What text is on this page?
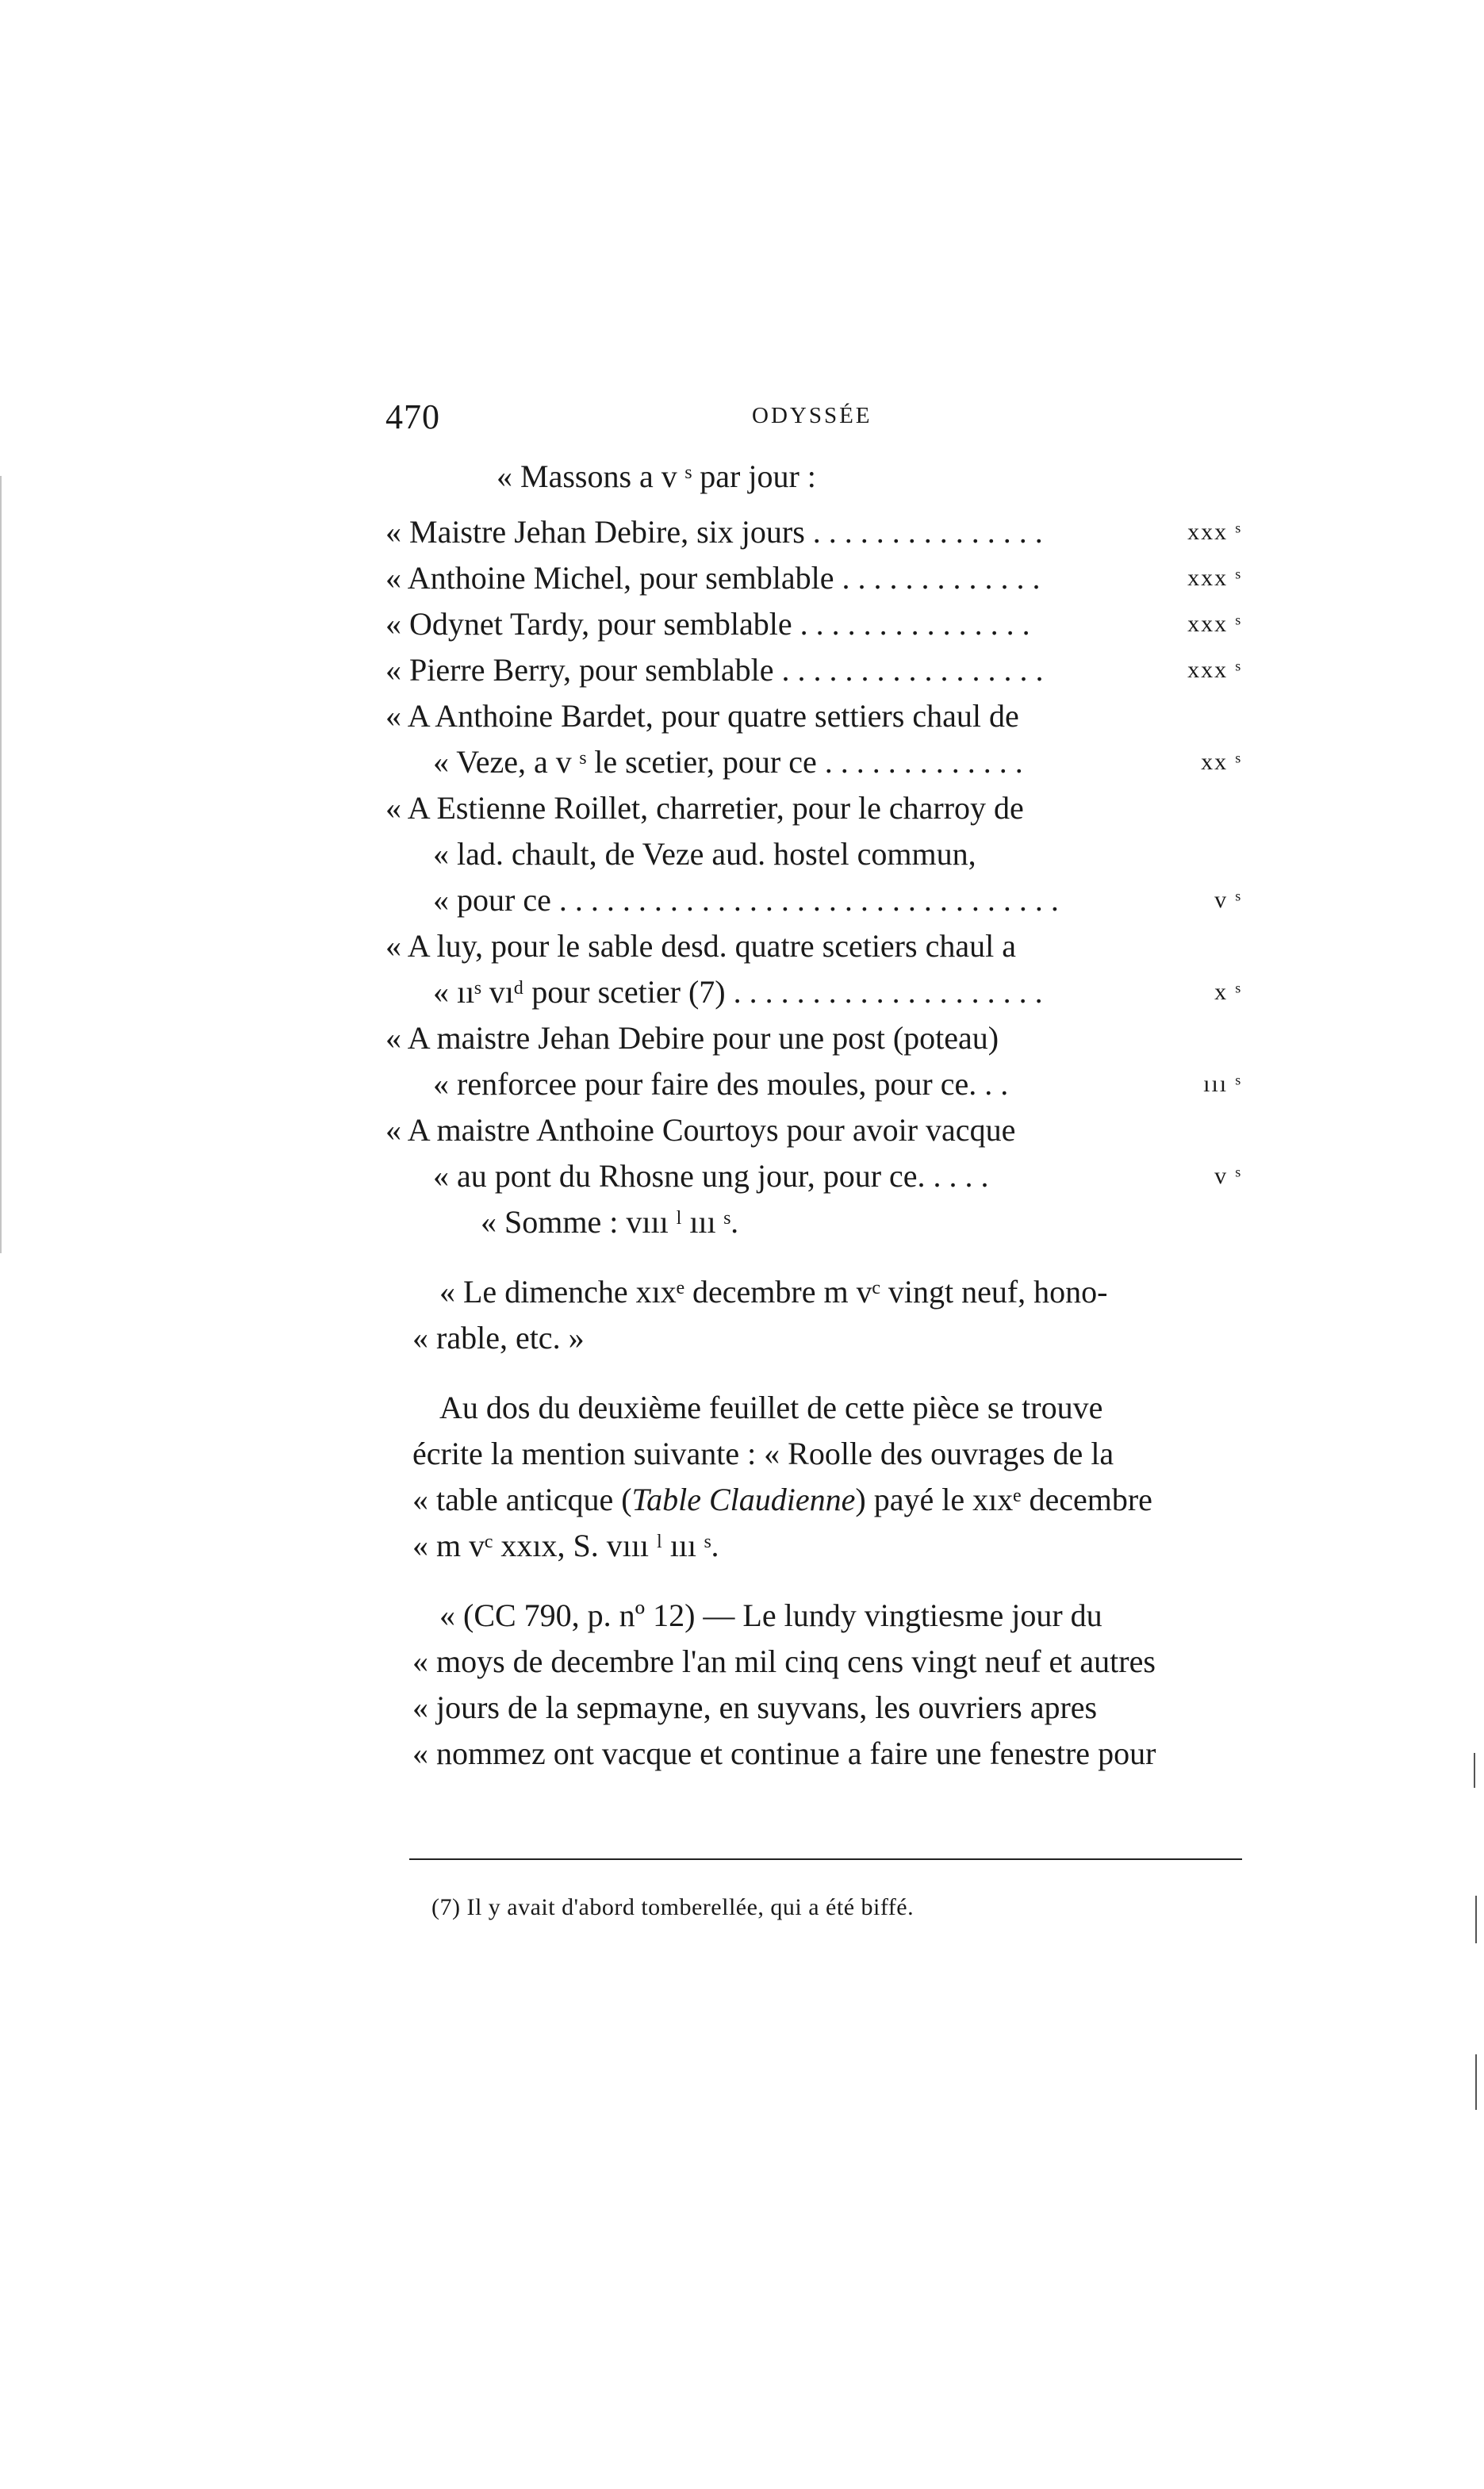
470	ODYSSÉE
« Massons a v ˢ par jour :
« Maistre Jehan Debire, six jours . . . . . . . . . . . . . . .	xxx ˢ
« Anthoine Michel, pour semblable . . . . . . . . . . . . .	xxx ˢ
« Odynet Tardy, pour semblable . . . . . . . . . . . . . . .	xxx ˢ
« Pierre Berry, pour semblable . . . . . . . . . . . . . . . . .	xxx ˢ
« A Anthoine Bardet, pour quatre settiers chaul de
« Veze, a v ˢ le scetier, pour ce . . . . . . . . . . . . .	xx ˢ
« A Estienne Roillet, charretier, pour le charroy de
« lad. chault, de Veze aud. hostel commun,
« pour ce . . . . . . . . . . . . . . . . . . . . . . . . . . . . . . . .	v ˢ
« A luy, pour le sable desd. quatre scetiers chaul a
« ııˢ vıᵈ pour scetier (7) . . . . . . . . . . . . . . . . . . . .	x ˢ
« A maistre Jehan Debire pour une post (poteau)
« renforcee pour faire des moules, pour ce. . .	ııı ˢ
« A maistre Anthoine Courtoys pour avoir vacque
« au pont du Rhosne ung jour, pour ce. . . . .	v ˢ
« Somme : vııı ˡ ııı ˢ.
« Le dimenche xıxᵉ decembre m vᶜ vingt neuf, hono-
« rable, etc. »
Au dos du deuxième feuillet de cette pièce se trouve
écrite la mention suivante : « Roolle des ouvrages de la
« table anticque (Table Claudienne) payé le xıxᵉ decembre
« m vᶜ xxıx, S. vııı ˡ ııı ˢ.
« (CC 790, p. nº 12) — Le lundy vingtiesme jour du
« moys de decembre l'an mil cinq cens vingt neuf et autres
« jours de la sepmayne, en suyvans, les ouvriers apres
« nommez ont vacque et continue a faire une fenestre pour
(7) Il y avait d'abord tomberellée, qui a été biffé.
